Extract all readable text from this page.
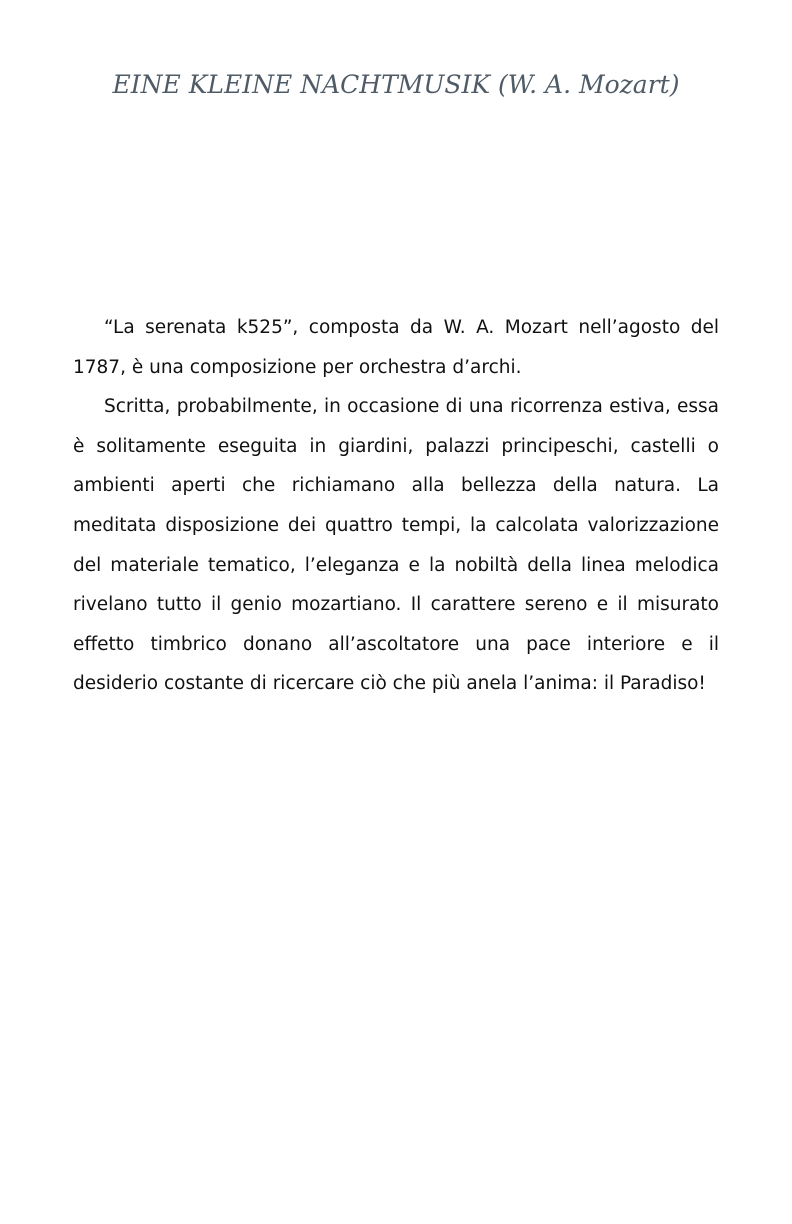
EINE KLEINE NACHTMUSIK (W. A. Mozart)

“La serenata k525”, composta da W. A. Mozart nell’agosto del 1787, è una composizione per orchestra d’archi.

Scritta, probabilmente, in occasione di una ricorrenza estiva, essa è solitamente eseguita in giardini, palazzi principeschi, castelli o ambienti aperti che richiamano alla bellezza della natura. La meditata disposizione dei quattro tempi, la calcolata valorizzazione del materiale tematico, l’eleganza e la nobiltà della linea melodica rivelano tutto il genio mozartiano. Il carattere sereno e il misurato effetto timbrico donano all’ascoltatore una pace interiore e il desiderio costante di ricercare ciò che più anela l’anima: il Paradiso!
